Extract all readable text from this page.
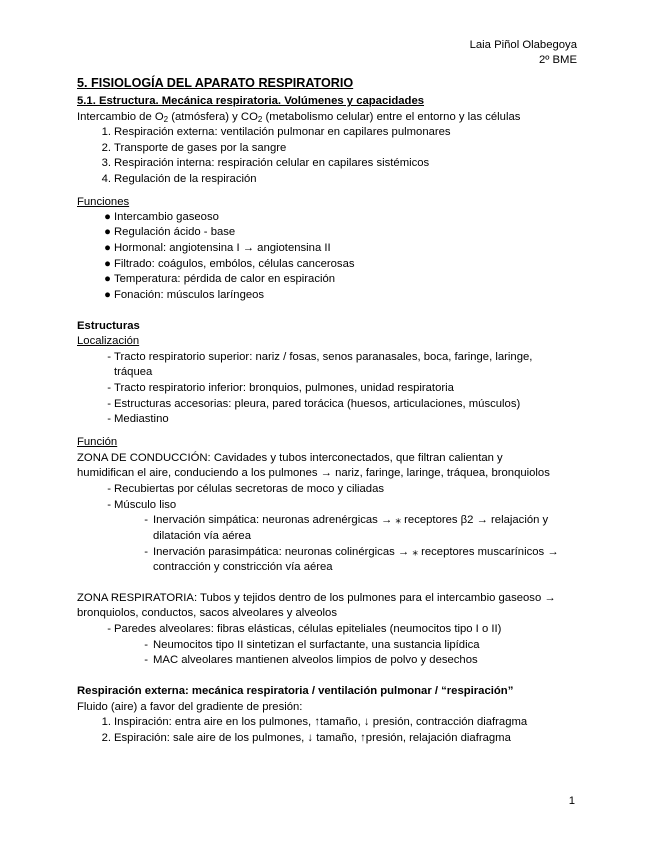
Laia Piñol Olabegoya
2º BME
5. FISIOLOGÍA DEL APARATO RESPIRATORIO
5.1. Estructura. Mecánica respiratoria. Volúmenes y capacidades
Intercambio de $O_2$ (atmósfera) y $CO_2$ (metabolismo celular) entre el entorno y las células
1. Respiración externa: ventilación pulmonar en capilares pulmonares
2. Transporte de gases por la sangre
3. Respiración interna: respiración celular en capilares sistémicos
4. Regulación de la respiración
Funciones
● Intercambio gaseoso
● Regulación ácido - base
● Hormonal: angiotensina I → angiotensina II
● Filtrado: coágulos, embólos, células cancerosas
● Temperatura: pérdida de calor en espiración
● Fonación: músculos laríngeos
Estructuras
Localización
- Tracto respiratorio superior: nariz / fosas, senos paranasales, boca, faringe, laringe,
tráquea
- Tracto respiratorio inferior: bronquios, pulmones, unidad respiratoria
- Estructuras accesorias: pleura, pared torácica (huesos, articulaciones, músculos)
- Mediastino
Función
ZONA DE CONDUCCIÓN: Cavidades y tubos interconectados, que filtran calientan y
humidifican el aire, conduciendo a los pulmones → nariz, faringe, laringe, tráquea, bronquiolos
- Recubiertas por células secretoras de moco y ciliadas
- Músculo liso
- Inervación simpática: neuronas adrenérgicas → ⁎ receptores β2 → relajación y
dilatación vía aérea
- Inervación parasimpática: neuronas colinérgicas → ⁎ receptores muscarínicos →
contracción y constricción vía aérea
ZONA RESPIRATORIA: Tubos y tejidos dentro de los pulmones para el intercambio gaseoso →
bronquiolos, conductos, sacos alveolares y alveolos
- Paredes alveolares: fibras elásticas, células epiteliales (neumocitos tipo I o II)
- Neumocitos tipo II sintetizan el surfactante, una sustancia lipídica
- MAC alveolares mantienen alveolos limpios de polvo y desechos
Respiración externa: mecánica respiratoria / ventilación pulmonar / “respiración”
Fluido (aire) a favor del gradiente de presión:
1. Inspiración: entra aire en los pulmones, ↑tamaño, ↓ presión, contracción diafragma
2. Espiración: sale aire de los pulmones, ↓ tamaño, ↑presión, relajación diafragma
1
